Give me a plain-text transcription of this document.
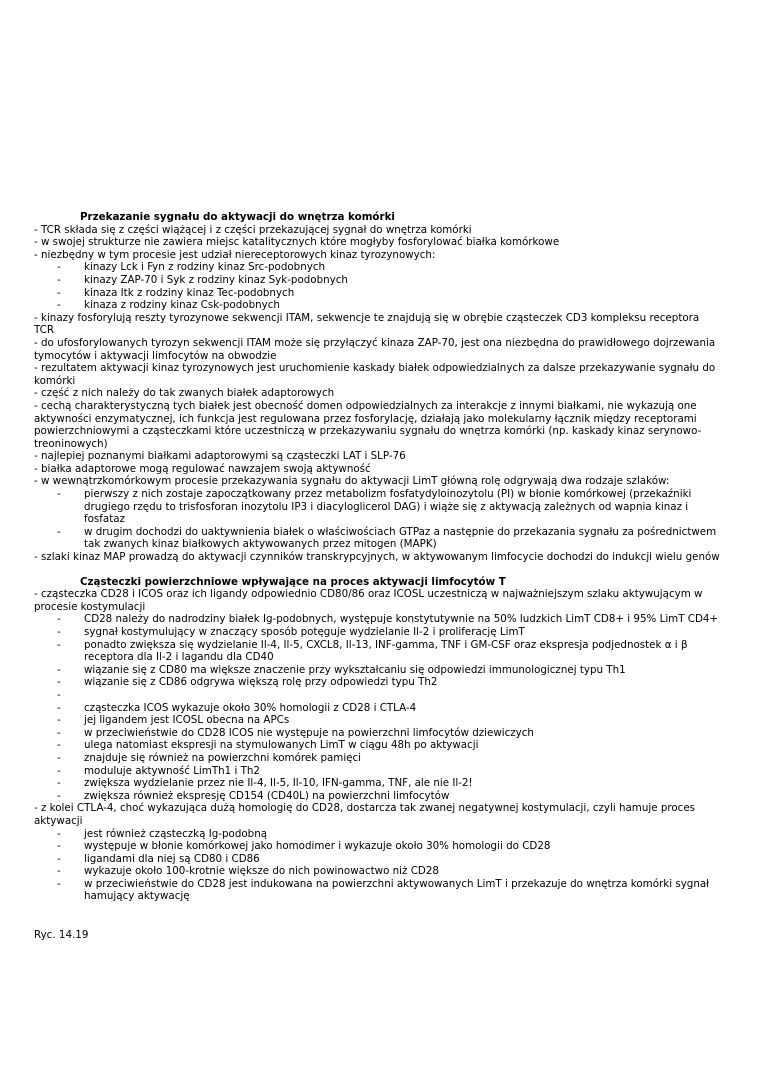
Przekazanie sygnału do aktywacji do wnętrza komórki
- TCR składa się z części wiążącej i z części przekazującej sygnał do wnętrza komórki
- w swojej strukturze nie zawiera miejsc katalitycznych które mogłyby fosforylować białka komórkowe
- niezbędny w tym procesie jest udział niereceptorowych kinaz tyrozynowych:
- kinazy Lck i Fyn z rodziny kinaz Src-podobnych
- kinazy ZAP-70 i Syk z rodziny kinaz Syk-podobnych
- kinaza Itk z rodziny kinaz Tec-podobnych
- kinaza z rodziny kinaz Csk-podobnych
- kinazy fosforylują reszty tyrozynowe sekwencji ITAM, sekwencje te znajdują się w obrębie cząsteczek CD3 kompleksu receptora TCR
- do ufosforylowanych tyrozyn sekwencji ITAM może się przyłączyć kinaza ZAP-70, jest ona niezbędna do prawidłowego dojrzewania tymocytów i aktywacji limfocytów na obwodzie
- rezultatem aktywacji kinaz tyrozynowych jest uruchomienie kaskady białek odpowiedzialnych za dalsze przekazywanie sygnału do komórki
- część z nich należy do tak zwanych białek adaptorowych
- cechą charakterystyczną tych białek jest obecność domen odpowiedzialnych za interakcje z innymi białkami, nie wykazują one aktywności enzymatycznej, ich funkcja jest regulowana przez fosforylację, działają jako molekularny łącznik między receptorami powierzchniowymi a cząsteczkami które uczestniczą w przekazywaniu sygnału do wnętrza komórki (np. kaskady kinaz serynowo-treoninowych)
- najlepiej poznanymi białkami adaptorowymi są cząsteczki LAT i SLP-76
- białka adaptorowe mogą regulować nawzajem swoją aktywność
- w wewnątrzkomórkowym procesie przekazywania sygnału do aktywacji LimT główną rolę odgrywają dwa rodzaje szlaków:
- pierwszy z nich zostaje zapoczątkowany przez metabolizm fosfatydyloinozytolu (PI) w błonie komórkowej (przekaźniki drugiego rzędu to trisfosforan inozytolu IP3 i diacyloglicerol DAG) i wiąże się z aktywacją zależnych od wapnia kinaz i fosfataz
- w drugim dochodzi do uaktywnienia białek o właściwościach GTPaz a następnie do przekazania sygnału za pośrednictwem tak zwanych kinaz białkowych aktywowanych przez mitogen (MAPK)
- szlaki kinaz MAP prowadzą do aktywacji czynników transkrypcyjnych, w aktywowanym limfocycie dochodzi do indukcji wielu genów
Cząsteczki powierzchniowe wpływające na proces aktywacji limfocytów T
- cząsteczka CD28 i ICOS oraz ich ligandy odpowiednio CD80/86 oraz ICOSL uczestniczą w najważniejszym szlaku aktywującym w procesie kostymulacji
- CD28 należy do nadrodziny białek Ig-podobnych, występuje konstytutywnie na 50% ludzkich LimT CD8+ i 95% LimT CD4+
- sygnał kostymulujący w znaczący sposób potęguje wydzielanie Il-2 i proliferację LimT
- ponadto zwiększa się wydzielanie Il-4, Il-5, CXCL8, Il-13, INF-gamma, TNF i GM-CSF oraz ekspresja podjednostek α i β receptora dla Il-2 i lagandu dla CD40
- wiązanie się z CD80 ma większe znaczenie przy wykształcaniu się odpowiedzi immunologicznej typu Th1
- wiązanie się z CD86 odgrywa większą rolę przy odpowiedzi typu Th2
-
- cząsteczka ICOS wykazuje około 30% homologii z CD28 i CTLA-4
- jej ligandem jest ICOSL obecna na APCs
- w przeciwieństwie do CD28 ICOS nie występuje na powierzchni limfocytów dziewiczych
- ulega natomiast ekspresji na stymulowanych LimT w ciągu 48h po aktywacji
- znajduje się również na powierzchni komórek pamięci
- moduluje aktywność LimTh1 i Th2
- zwiększa wydzielanie przez nie Il-4, Il-5, Il-10, IFN-gamma, TNF, ale nie Il-2!
- zwiększa również ekspresję CD154 (CD40L) na powierzchni limfocytów
- z kolei CTLA-4, choć wykazująca dużą homologię do CD28, dostarcza tak zwanej negatywnej kostymulacji, czyli hamuje proces aktywacji
- jest również cząsteczką Ig-podobną
- występuje w błonie komórkowej jako homodimer i wykazuje około 30% homologii do CD28
- ligandami dla niej są CD80 i CD86
- wykazuje około 100-krotnie większe do nich powinowactwo niż CD28
- w przeciwieństwie do CD28 jest indukowana na powierzchni aktywowanych LimT i przekazuje do wnętrza komórki sygnał hamujący aktywację
Ryc. 14.19
